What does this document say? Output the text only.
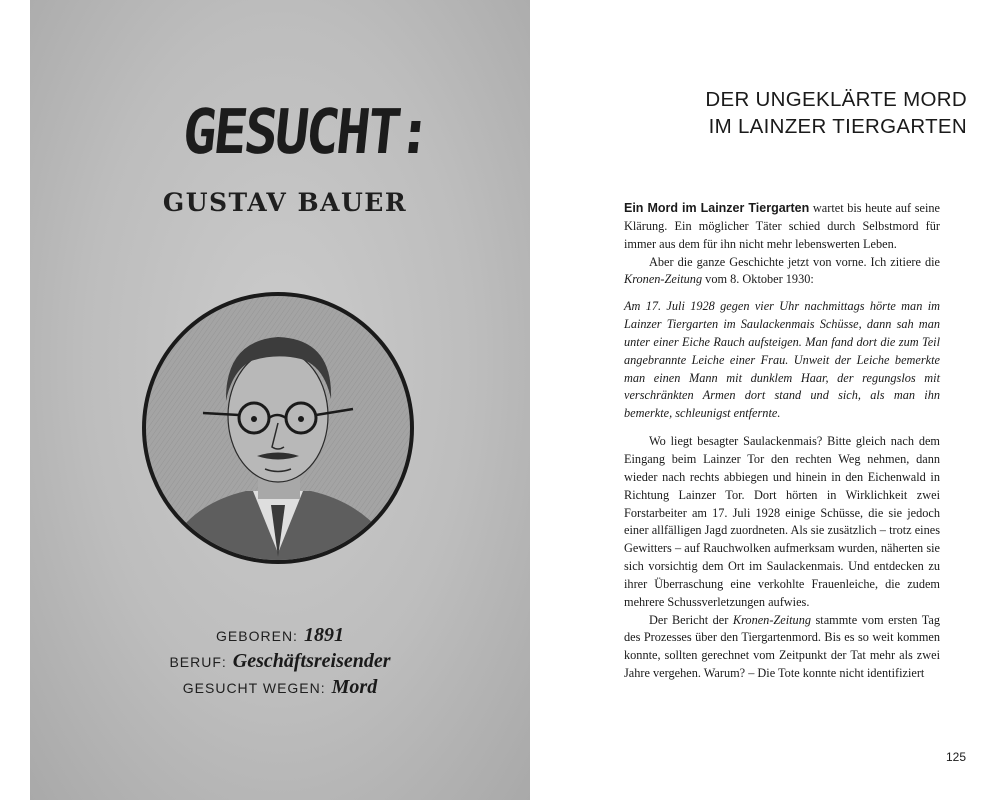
GESUCHT:
GUSTAV BAUER
GEBOREN: 1891
BERUF: Geschäftsreisender
GESUCHT WEGEN: Mord
DER UNGEKLÄRTE MORD
IM LAINZER TIERGARTEN

Ein Mord im Lainzer Tiergarten wartet bis heute auf seine Klärung. Ein möglicher Täter schied durch Selbstmord für immer aus dem für ihn nicht mehr lebenswerten Leben.

Aber die ganze Geschichte jetzt von vorne. Ich zitiere die Kronen-Zeitung vom 8. Oktober 1930:

Am 17. Juli 1928 gegen vier Uhr nachmittags hörte man im Lainzer Tiergarten im Saulackenmais Schüsse, dann sah man unter einer Eiche Rauch aufsteigen. Man fand dort die zum Teil angebrannte Leiche einer Frau. Unweit der Leiche bemerkte man einen Mann mit dunklem Haar, der regungslos mit verschränkten Armen dort stand und sich, als man ihn bemerkte, schleunigst entfernte.

Wo liegt besagter Saulackenmais? Bitte gleich nach dem Eingang beim Lainzer Tor den rechten Weg nehmen, dann wieder nach rechts abbiegen und hinein in den Eichenwald in Richtung Lainzer Tor. Dort hörten in Wirklichkeit zwei Forstarbeiter am 17. Juli 1928 einige Schüsse, die sie jedoch einer allfälligen Jagd zuordneten. Als sie zusätzlich – trotz eines Gewitters – auf Rauchwolken aufmerksam wurden, näherten sie sich vorsichtig dem Ort im Saulackenmais. Und entdecken zu ihrer Überraschung eine verkohlte Frauenleiche, die zudem mehrere Schussverletzungen aufwies.

Der Bericht der Kronen-Zeitung stammte vom ersten Tag des Prozesses über den Tiergartenmord. Bis es so weit kommen konnte, sollten gerechnet vom Zeitpunkt der Tat mehr als zwei Jahre vergehen. Warum? – Die Tote konnte nicht identifiziert

125
